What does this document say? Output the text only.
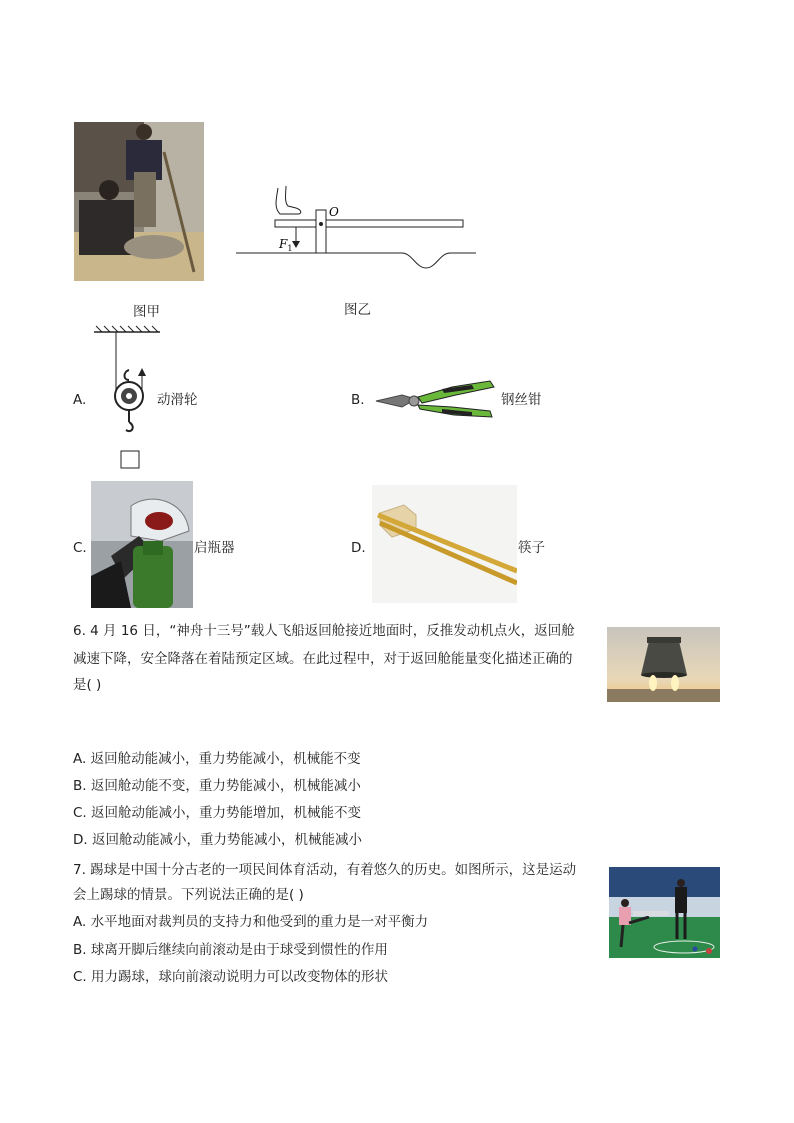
O
$F_1$
图甲	图乙
A.	动滑轮	B.	钢丝钳
C.	启瓶器	D.	筷子
6. 4 月 16 日，“神舟十三号”载人飞船返回舱接近地面时，反推发动机点火，返回舱
减速下降，安全降落在着陆预定区域。在此过程中，对于返回舱能量变化描述正确的
是( )
A. 返回舱动能减小，重力势能减小，机械能不变
B. 返回舱动能不变，重力势能减小，机械能减小
C. 返回舱动能减小，重力势能增加，机械能不变
D. 返回舱动能减小，重力势能减小，机械能减小
7. 踢球是中国十分古老的一项民间体育活动，有着悠久的历史。如图所示，这是运动
会上踢球的情景。下列说法正确的是( )
A. 水平地面对裁判员的支持力和他受到的重力是一对平衡力
B. 球离开脚后继续向前滚动是由于球受到惯性的作用
C. 用力踢球，球向前滚动说明力可以改变物体的形状
